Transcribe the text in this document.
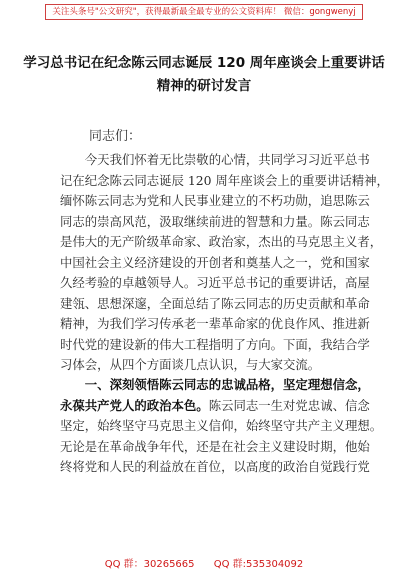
关注头条号"公文研究"，获得最新最全最专业的公文资料库！ 微信：gongwenyj
学习总书记在纪念陈云同志诞辰 120 周年座谈会上重要讲话
精神的研讨发言
同志们：
今天我们怀着无比崇敬的心情，共同学习习近平总书
记在纪念陈云同志诞辰 120 周年座谈会上的重要讲话精神，
缅怀陈云同志为党和人民事业建立的不朽功勋，追思陈云
同志的崇高风范，汲取继续前进的智慧和力量。陈云同志
是伟大的无产阶级革命家、政治家，杰出的马克思主义者，
中国社会主义经济建设的开创者和奠基人之一，党和国家
久经考验的卓越领导人。习近平总书记的重要讲话，高屋
建瓴、思想深邃，全面总结了陈云同志的历史贡献和革命
精神，为我们学习传承老一辈革命家的优良作风、推进新
时代党的建设新的伟大工程指明了方向。下面，我结合学
习体会，从四个方面谈几点认识，与大家交流。
一、深刻领悟陈云同志的忠诚品格，坚定理想信念，
永葆共产党人的政治本色。陈云同志一生对党忠诚、信念
坚定，始终坚守马克思主义信仰，始终坚守共产主义理想。
无论是在革命战争年代，还是在社会主义建设时期，他始
终将党和人民的利益放在首位，以高度的政治自觉践行党
QQ 群：30265665 QQ 群:535304092
